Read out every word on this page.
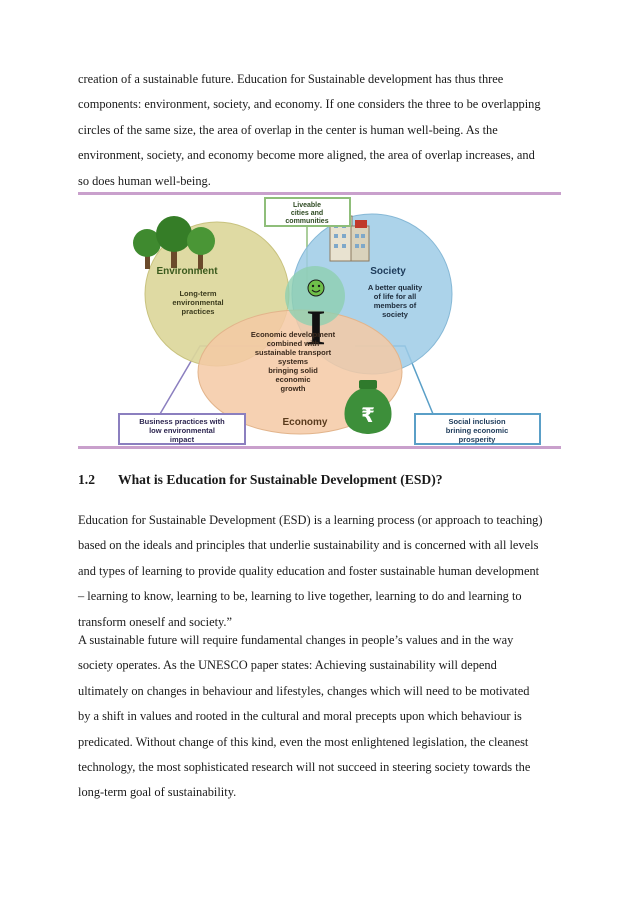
creation of a sustainable future. Education for Sustainable development has thus three
components: environment, society, and economy. If one considers the three to be overlapping
circles of the same size, the area of overlap in the center is human well-being. As the
environment, society, and economy become more aligned, the area of overlap increases, and
so does human well-being.
I
₹
Environment
Long-term
environmental
practices
Society
A better quality
of life for all
members of
society
Economic development
combined with
sustainable transport
systems
bringing solid
economic
growth
Economy
Liveable
cities and
communities
Business practices with
low environmental
impact
Social inclusion
brining economic
prosperity
1.2 What is Education for Sustainable Development (ESD)?
Education for Sustainable Development (ESD) is a learning process (or approach to teaching)
based on the ideals and principles that underlie sustainability and is concerned with all levels
and types of learning to provide quality education and foster sustainable human development
– learning to know, learning to be, learning to live together, learning to do and learning to
transform oneself and society.”
A sustainable future will require fundamental changes in people’s values and in the way
society operates. As the UNESCO paper states: Achieving sustainability will depend
ultimately on changes in behaviour and lifestyles, changes which will need to be motivated
by a shift in values and rooted in the cultural and moral precepts upon which behaviour is
predicated. Without change of this kind, even the most enlightened legislation, the cleanest
technology, the most sophisticated research will not succeed in steering society towards the
long-term goal of sustainability.
